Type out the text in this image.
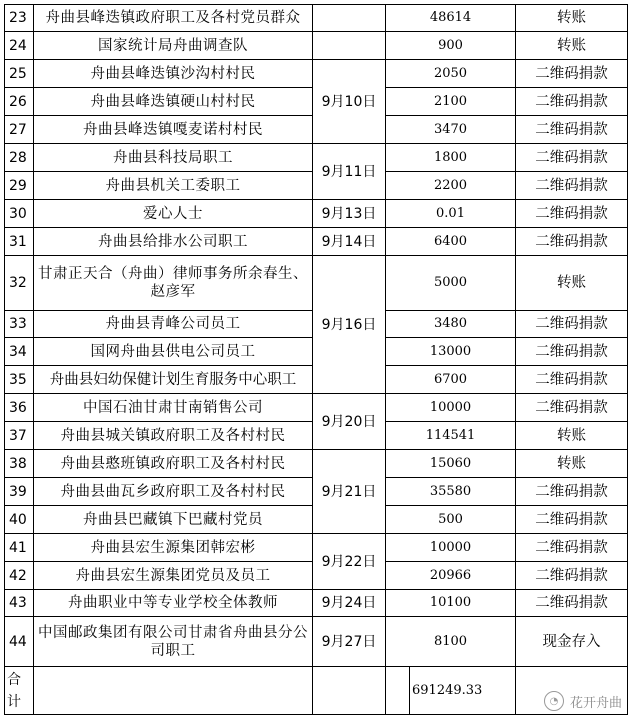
23	舟曲县峰迭镇政府职工及各村党员群众		48614		转账
24	国家统计局舟曲调查队		900		转账
25	舟曲县峰迭镇沙沟村村民	9月10日	2050		二维码捐款
26	舟曲县峰迭镇硬山村村民		2100		二维码捐款
27	舟曲县峰迭镇嘎麦诺村村民		3470		二维码捐款
28	舟曲县科技局职工	9月11日	1800		二维码捐款
29	舟曲县机关工委职工		2200		二维码捐款
30	爱心人士	9月13日	0.01		二维码捐款
31	舟曲县给排水公司职工	9月14日	6400		二维码捐款
32	甘肃正天合（舟曲）律师事务所余春生、赵彦军	9月16日	5000		转账
33	舟曲县青峰公司员工		3480		二维码捐款
34	国网舟曲县供电公司员工		13000		二维码捐款
35	舟曲县妇幼保健计划生育服务中心职工		6700		二维码捐款
36	中国石油甘肃甘南销售公司	9月20日	10000		二维码捐款
37	舟曲县城关镇政府职工及各村村民		114541		转账
38	舟曲县憨班镇政府职工及各村村民	9月21日	15060		转账
39	舟曲县曲瓦乡政府职工及各村村民		35580		二维码捐款
40	舟曲县巴藏镇下巴藏村党员		500		二维码捐款
41	舟曲县宏生源集团韩宏彬	9月22日	10000		二维码捐款
42	舟曲县宏生源集团党员及员工		20966		二维码捐款
43	舟曲职业中等专业学校全体教师	9月24日	10100		二维码捐款
44	中国邮政集团有限公司甘肃省舟曲县分公司职工	9月27日	8100		现金存入
合计				691249.33	
◔ 花开舟曲
